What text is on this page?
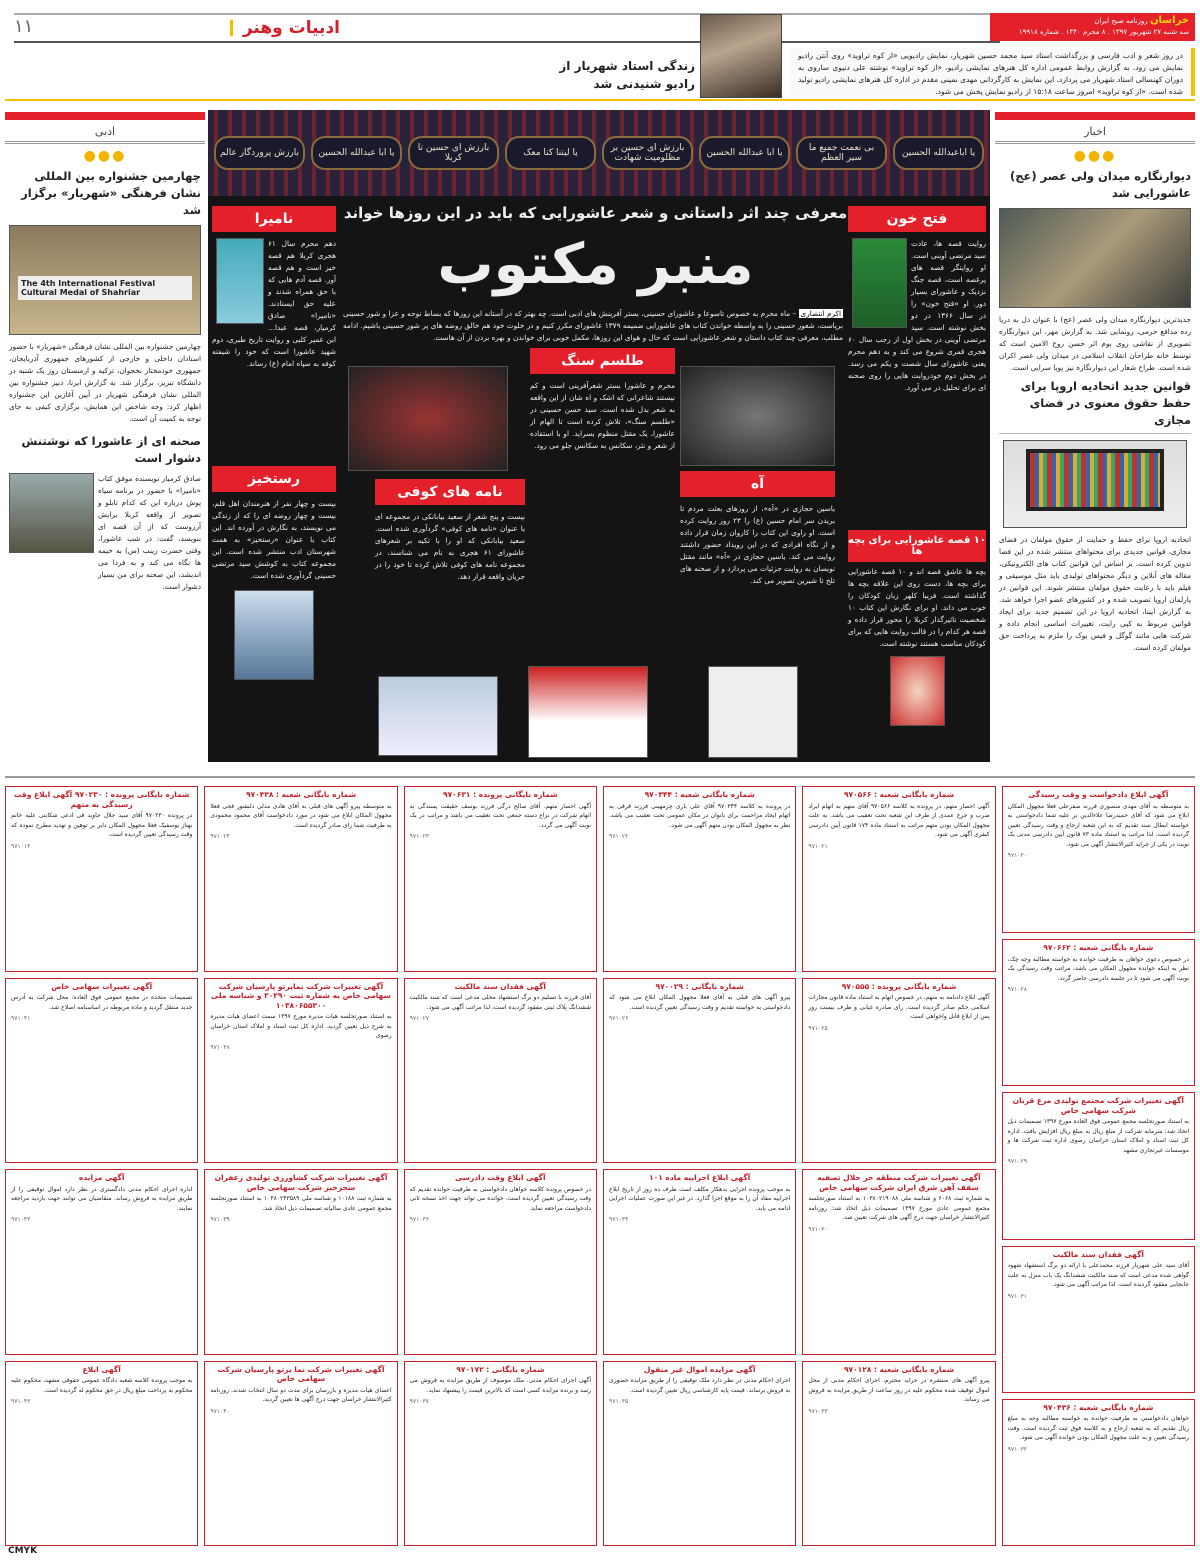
۱۱	ادبیات وهنر	خراسان روزنامه صبح ایران
سه شنبه ۲۷ شهریور ۱۳۹۷ . ۸ محرم ۱۴۴۰ . شماره ۱۹۹۱۸
در روز شعر و ادب فارسی و بزرگداشت استاد سید محمد حسین شهریار، نمایش رادیویی «از کوه تراوید» روی آنتن رادیو نمایش می رود. به گزارش روابط عمومی اداره کل هنرهای نمایشی رادیو، «از کوه تراوید» نوشته علی دنیوی ساروی به دوران کهنسالی استاد شهریار می پردازد. این نمایش به کارگردانی مهدی نمینی مقدم در اداره کل هنرهای نمایشی رادیو تولید شده است. «از کوه تراوید» امروز ساعت ۱۵:۱۸ از رادیو نمایش پخش می شود.
زندگی استاد شهریار از رادیو شنیدنی شد
اخبار
●●●
دیوارنگاره میدان ولی عصر (عج) عاشورایی شد

جدیدترین دیوارنگاره میدان ولی عصر (عج) با عنوان دل به دریا زده مدافع حرمی، رونمایی شد. به گزارش مهر، این دیوارنگاره تصویری از نقاشی روی بوم اثر حسن روح الامین است که توسط خانه طراحان انقلاب اسلامی در میدان ولی عصر اکران شده است. طراح شعار این دیوارنگاره نیز پویا سرایی است.

قوانین جدید اتحادیه اروپا برای حفظ حقوق معنوی در فضای مجازی

اتحادیه اروپا برای حفظ و حمایت از حقوق مولفان در فضای مجازی، قوانین جدیدی برای محتواهای منتشر شده در این فضا تدوین کرده است. بر اساس این قوانین کتاب های الکترونیکی، مقاله های آنلاین و دیگر محتواهای تولیدی باید مثل موسیقی و فیلم باید با رعایت حقوق مولفان منتشر شوند. این قوانین در پارلمان اروپا تصویب شده و در کشورهای عضو اجرا خواهد شد. به گزارش ایبنا، اتحادیه اروپا در این تصمیم جدید برای ایجاد قوانین مربوط به کپی رایت، تغییرات اساسی انجام داده و شرکت هایی مانند گوگل و فیس بوک را ملزم به پرداخت حق مولفان کرده است.

ادبی
●●●
چهارمین جشنواره بین المللی نشان فرهنگی «شهریار» برگزار شد
The 4th International Festival Cultural Medal of Shahriar

چهارمین جشنواره بین المللی نشان فرهنگی «شهریار» با حضور استادان داخلی و خارجی از کشورهای جمهوری آذربایجان، جمهوری خودمختار نخجوان، ترکیه و ارمنستان روز یک شنبه در دانشگاه تبریز، برگزار شد. به گزارش ایرنا، دبیر جشنواره بین المللی نشان فرهنگی شهریار در آیین آغازین این جشنواره اظهار کرد: وجه شاخص این همایش، برگزاری کیفی به جای توجه به کمیت آن است.

صحنه ای از عاشورا که نوشتنش دشوار است

صادق کرمیار نویسنده موفق کتاب «نامیرا» با حضور در برنامه سیاه پوش درباره این که کدام تابلو و تصویر از واقعه کربلا برایش آرزوست که از آن قصه ای بنویسد، گفت: در شب عاشورا، وقتی حضرت زینب (س) به خیمه ها نگاه می کند و به فردا می اندیشد، این صحنه برای من بسیار دشوار است.

یا اباعبدالله الحسین
بی نعمت جمیع ما سیر العظم
یا ابا عبدالله الحسین
بارزش ای حسین بر مظلومیت شهادت
یا لیتنا کنا معک
بارزش ای حسین تا کربلا
یا ابا عبدالله الحسین
بارزش پروردگار عالم
معرفی چند اثر داستانی و شعر عاشورایی که باید در این روزها خواند
منبر مکتوب
اکرم انتصاری – ماه محرم به خصوص تاسوعا و عاشورای حسینی، بستر آفرینش های ادبی است. چه بهتر که در آستانه این روزها که بساط نوحه و عزا و شور حسینی برپاست، شعور حسینی را به واسطه خواندن کتاب های عاشورایی ضمیمه ۱۳۷۹ عاشورای مکرر کنیم و در خلوت خود هم خالق روضه های پر شور حسینی باشیم. ادامه مطلب، معرفی چند کتاب داستان و شعر عاشورایی است که حال و هوای این روزها، مکمل خوبی برای خواندن و بهره بردن از آن هاست.
فتح خون
روایت قصه ها، عادت سید مرتضی آوینی است. او روایتگر قصه های پرغصه است، قصه جنگ نزدیک و عاشورای بسیار دور. او «فتح خون» را در سال ۱۳۶۶ در دو بخش نوشته است. سید مرتضی آوینی در بخش اول از رجب سال ۶۰ هجری قمری شروع می کند و به دهم محرم یعنی عاشورای سال شصت و یکم می رسد. در بخش دوم خودروایت هایی را روی صحنه ای برای تحلیل در می آورد.
۱۰ قصه عاشورایی برای بچه ها
بچه ها عاشق قصه اند و ۱۰ قصه عاشورایی برای بچه ها، دست روی این علاقه بچه ها گذاشته است. فریبا کلهر زبان کودکان را خوب می داند. او برای نگارش این کتاب ۱۰ شخصیت تاثیرگذار کربلا را محور قرار داده و قصه هر کدام را در قالب روایت هایی که برای کودکان مناسب هستند نوشته است.
نامیرا
دهم محرم سال ۶۱ هجری کربلا هم قصه خیز است و هم قصه آور. قصه آدم هایی که با حق همراه شدند و علیه حق ایستادند. «نامیرا» صادق کرمیار، قصه عبدا... ابن عمیر کلبی و روایت تاریخ طبری، دوم شهید عاشورا است که خود را شیفته کوفه به سپاه امام (ع) رساند.
رستخیز
بیست و چهار نفر از هنرمندان اهل قلم، بیست و چهار روضه ای را که از زندگی می نویسند، به نگارش در آورده اند. این کتاب با عنوان «رستخیز» به همت شهرستان ادب منتشر شده است. این مجموعه کتاب به کوشش سید مرتضی حسینی گردآوری شده است.
آه
یاسین حجازی در «آه»، از روزهای بعثت مردم تا بریدن سر امام حسین (ع) را ۲۴ روز روایت کرده است. او راوی این کتاب را کاروان زمان قرار داده و از نگاه افرادی که در این رویداد حضور داشتند روایت می کند. یاسین حجازی در «آه» مانند مقتل نویسان به روایت جزئیات می پردازد و از صحنه های تلخ تا شیرین تصویر می کند.
طلسم سنگ
محرم و عاشورا بستر شعرآفرینی است و کم نیستند شاعرانی که اشک و اه شان از این واقعه به شعر بدل شده است. سید حسن حسینی در «طلسم سنگ»، تلاش کرده است تا الهام از عاشورا، یک مقتل منظوم بسراید. او با استفاده از شعر و نثر، سکانس به سکانس جلو می رود.
نامه های کوفی
بیست و پنج شعر از سعید بیابانکی در مجموعه ای با عنوان «نامه های کوفی» گردآوری شده است. سعید بیابانکی که او را با تکیه بر شعرهای عاشورای ۶۱ هجری به نام می شناسند، در مجموعه نامه های کوفی تلاش کرده تا خود را در جریان واقعه قرار دهد.
آگهی ابلاغ دادخواست و وقت رسیدگی
به متوسطه به آقای مهدی منصوری فرزند صفرعلی فعلا مجهول المکان ابلاغ می شود که آقای حمیدرضا علاءالدین بر علیه شما دادخواستی به خواسته ابطال سند تقدیم که به این شعبه ارجاع و وقت رسیدگی تعیین گردیده است. لذا مراتب به استناد ماده ۷۳ قانون آیین دادرسی مدنی یک نوبت در یکی از جراید کثیرالانتشار آگهی می شود.
۹۷۱۰۲۰
شماره بایگانی شعبه : ۹۷۰۶۶۲
در خصوص دعوی خواهان به طرفیت خوانده به خواسته مطالبه وجه چک، نظر به اینکه خوانده مجهول المکان می باشد، مراتب وقت رسیدگی یک نوبت آگهی می شود تا در جلسه دادرسی حاضر گردد.
۹۷۱۰۲۸
آگهی تغییرات شرکت مجتمع تولیدی مرغ قربان شرکت سهامی خاص
به استناد صورتجلسه مجمع عمومی فوق العاده مورخ ۱۳۹۷ تصمیمات ذیل اتخاذ شد: سرمایه شرکت از مبلغ ریال به مبلغ ریال افزایش یافت. اداره کل ثبت اسناد و املاک استان خراسان رضوی اداره ثبت شرکت ها و موسسات غیرتجاری مشهد
۹۷۱۰۲۹
آگهی فقدان سند مالکیت
آقای سید علی شهریار فرزند محمدعلی با ارائه دو برگ استشهاد شهود گواهی شده مدعی است که سند مالکیت ششدانگ یک باب منزل به علت جابجایی مفقود گردیده است. لذا مراتب آگهی می شود.
۹۷۱۰۳۱
شماره بایگانی شعبه : ۹۷۰۴۳۶
خواهان دادخواستی به طرفیت خوانده به خواسته مطالبه وجه به مبلغ ریال تقدیم که به شعبه ارجاع و به کلاسه فوق ثبت گردیده است. وقت رسیدگی تعیین و به علت مجهول المکان بودن خوانده آگهی می شود.
۹۷۱۰۳۲
شماره بایگانی شعبه : ۹۷۰۵۶۶
آگهی احضار متهم. در پرونده به کلاسه ۹۷۰۵۶۶ آقای متهم به اتهام ایراد ضرب و جرح عمدی از طرف این شعبه تحت تعقیب می باشد. به علت مجهول المکان بودن متهم مراتب به استناد ماده ۱۷۴ قانون آیین دادرسی کیفری آگهی می شود.
۹۷۱۰۲۱
شماره بایگانی پرونده : ۹۷۰۵۵۵
آگهی ابلاغ دادنامه به متهم. در خصوص اتهام به استناد ماده قانون مجازات اسلامی حکم صادر گردیده است. رای صادره غیابی و ظرف بیست روز پس از ابلاغ قابل واخواهی است.
۹۷۱۰۲۵
آگهی تغییرات شرکت منطقه حر حلال تصفیه سقف آهن شرق ایران شرکت سهامی خاص
به شماره ثبت ۶۰۶۸ و شناسه ملی ۱۰۳۸۰۲۱۹۰۸۸ به استناد صورتجلسه مجمع عمومی عادی مورخ ۱۳۹۷ تصمیمات ذیل اتخاذ شد: روزنامه کثیرالانتشار خراسان جهت درج آگهی های شرکت تعیین شد.
۹۷۱۰۳۰
شماره بایگانی شعبه : ۹۷۰۱۲۸
پیرو آگهی های منتشره در جراید محترم، اجرای احکام مدنی از محل اموال توقیف شده محکوم علیه در روز ساعت از طریق مزایده به فروش می رساند.
۹۷۱۰۳۳
شماره بایگانی شعبه : ۹۷۰۳۴۴
در پرونده به کلاسه ۹۷۰۳۴۴ آقای علی باری چرمهینی فرزند قرقی به اتهام ایجاد مزاحمت برای بانوان در مکان عمومی تحت تعقیب می باشد. نظر به مجهول المکان بودن متهم آگهی می شود.
۹۷۱۰۲۲
شماره بایگانی : ۹۷۰۰۲۹
پیرو آگهی های قبلی به آقای فعلا مجهول المکان ابلاغ می شود که دادخواستی به خواسته تقدیم و وقت رسیدگی تعیین گردیده است.
۹۷۱۰۲۶
آگهی ابلاغ اجراییه ماده ۱۰۱
به موجب پرونده اجرایی بدهکار مکلف است ظرف ده روز از تاریخ ابلاغ اجراییه مفاد آن را به موقع اجرا گذارد. در غیر این صورت عملیات اجرایی ادامه می یابد.
۹۷۱۰۳۴
آگهی مزایده اموال غیر منقول
اجرای احکام مدنی در نظر دارد ملک توقیفی را از طریق مزایده حضوری به فروش برساند. قیمت پایه کارشناسی ریال تعیین گردیده است.
۹۷۱۰۳۵
شماره بایگانی پرونده : ۹۷۰۶۳۱
آگهی احضار متهم. آقای صالح درگی فرزند بوسف حقیقت پسندگی به اتهام شرکت در نزاع دسته جمعی تحت تعقیب می باشد و مراتب در یک نوبت آگهی می گردد.
۹۷۱۰۲۳
آگهی فقدان سند مالکیت
آقای فرزند با تسلیم دو برگ استشهاد محلی مدعی است که سند مالکیت ششدانگ پلاک ثبتی مفقود گردیده است، لذا مراتب آگهی می شود.
۹۷۱۰۲۷
آگهی ابلاغ وقت دادرسی
در خصوص پرونده کلاسه خواهان دادخواستی به طرفیت خوانده تقدیم که وقت رسیدگی تعیین گردیده است، خوانده می تواند جهت اخذ نسخه ثانی دادخواست مراجعه نماید.
۹۷۱۰۳۶
شماره بایگانی : ۹۷۰۱۷۲
آگهی اجرای احکام مدنی. ملک موصوف از طریق مزایده به فروش می رسد و برنده مزایده کسی است که بالاترین قیمت را پیشنهاد نماید.
۹۷۱۰۳۷
شماره بایگانی شعبه : ۹۷۰۴۳۸
به متوسطه پیرو آگهی های قبلی به آقای هادی مدلی دلنشور فجی فعلا مجهول المکان ابلاغ می شود در مورد دادخواست آقای محمود محمودی به طرفیت شما رای صادر گردیده است.
۹۷۱۰۲۴
آگهی تغییرات شرکت نمایرتو پارسیان شرکت سهامی خاص به شماره ثبت ۲۰۲۹۰ و شناسه ملی ۱۰۳۸۰۶۵۵۳۰۰
به استناد صورتجلسه هیات مدیره مورخ ۱۳۹۷ سمت اعضای هیات مدیره به شرح ذیل تعیین گردید. اداره کل ثبت اسناد و املاک استان خراسان رضوی
۹۷۱۰۳۸
آگهی تغییرات شرکت کشاورزی تولیدی زعفران سحرخیز شرکت سهامی خاص
به شماره ثبت ۱۰۱۸۸ و شناسه ملی ۱۰۳۸۰۲۴۳۵۸۹ به استناد صورتجلسه مجمع عمومی عادی سالیانه تصمیمات ذیل اتخاذ شد.
۹۷۱۰۳۹
آگهی تغییرات شرکت نما یرتو پارسیان شرکت سهامی خاص
اعضای هیات مدیره و بازرسان برای مدت دو سال انتخاب شدند. روزنامه کثیرالانتشار خراسان جهت درج آگهی ها تعیین گردید.
۹۷۱۰۴۰
شماره بایگانی پرونده : ۹۷۰۲۳۰ آگهی ابلاغ وقت رسیدگی به متهم
در پرونده ۹۷۰۲۳۰ آقای سید جلال جاوید فی ادعی شکایتی علیه خانم بهناز یوسفیک فعلا مجهول المکان دایر بر توهین و تهدید مطرح نموده که وقت رسیدگی تعیین گردیده است.
۹۷۱۰۱۳
آگهی تغییرات سهامی خاص
تصمیمات متخذه در مجمع عمومی فوق العاده: محل شرکت به آدرس جدید منتقل گردید و ماده مربوطه در اساسنامه اصلاح شد.
۹۷۱۰۴۱
آگهی مزایده
اداره اجرای احکام مدنی دادگستری در نظر دارد اموال توقیفی را از طریق مزایده به فروش رساند. متقاضیان می توانند جهت بازدید مراجعه نمایند.
۹۷۱۰۴۲
آگهی ابلاغ
به موجب پرونده کلاسه شعبه دادگاه عمومی حقوقی مشهد، محکوم علیه محکوم به پرداخت مبلغ ریال در حق محکوم له گردیده است.
۹۷۱۰۴۳
CMYK
